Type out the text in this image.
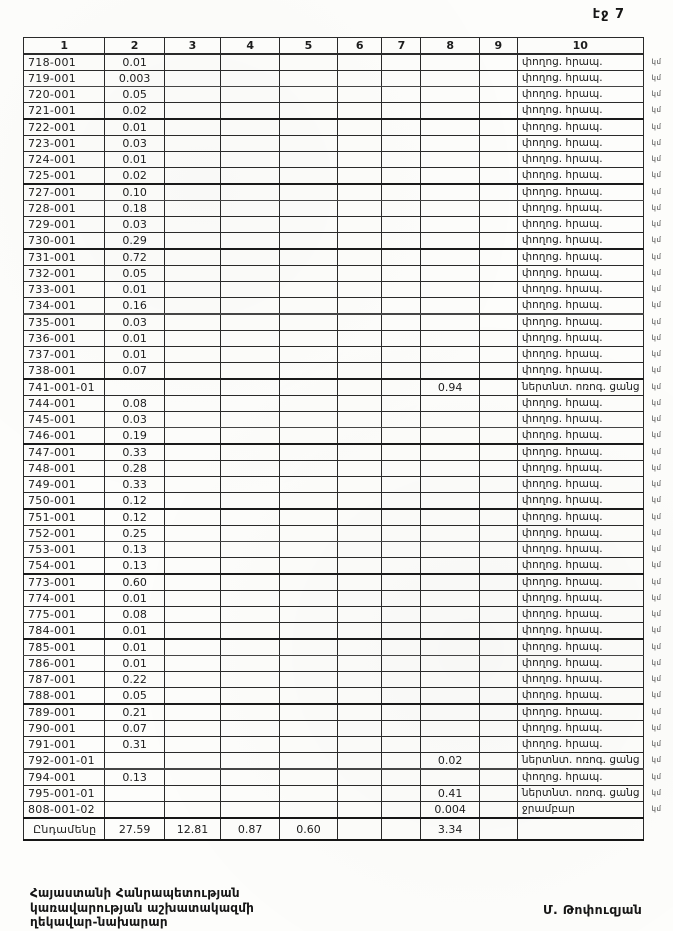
էջ 7
1	2	3	4	5	6	7	8	9	10	
718-001	0.01								փողոց. հրապ.	կմ
719-001	0.003								փողոց. հրապ.	կմ
720-001	0.05								փողոց. հրապ.	կմ
721-001	0.02								փողոց. հրապ.	կմ
722-001	0.01								փողոց. հրապ.	կմ
723-001	0.03								փողոց. հրապ.	կմ
724-001	0.01								փողոց. հրապ.	կմ
725-001	0.02								փողոց. հրապ.	կմ
727-001	0.10								փողոց. հրապ.	կմ
728-001	0.18								փողոց. հրապ.	կմ
729-001	0.03								փողոց. հրապ.	կմ
730-001	0.29								փողոց. հրապ.	կմ
731-001	0.72								փողոց. հրապ.	կմ
732-001	0.05								փողոց. հրապ.	կմ
733-001	0.01								փողոց. հրապ.	կմ
734-001	0.16								փողոց. հրապ.	կմ
735-001	0.03								փողոց. հրապ.	կմ
736-001	0.01								փողոց. հրապ.	կմ
737-001	0.01								փողոց. հրապ.	կմ
738-001	0.07								փողոց. հրապ.	կմ
741-001-01							0.94		ներտնտ. ոռոգ. ցանց	կմ
744-001	0.08								փողոց. հրապ.	կմ
745-001	0.03								փողոց. հրապ.	կմ
746-001	0.19								փողոց. հրապ.	կմ
747-001	0.33								փողոց. հրապ.	կմ
748-001	0.28								փողոց. հրապ.	կմ
749-001	0.33								փողոց. հրապ.	կմ
750-001	0.12								փողոց. հրապ.	կմ
751-001	0.12								փողոց. հրապ.	կմ
752-001	0.25								փողոց. հրապ.	կմ
753-001	0.13								փողոց. հրապ.	կմ
754-001	0.13								փողոց. հրապ.	կմ
773-001	0.60								փողոց. հրապ.	կմ
774-001	0.01								փողոց. հրապ.	կմ
775-001	0.08								փողոց. հրապ.	կմ
784-001	0.01								փողոց. հրապ.	կմ
785-001	0.01								փողոց. հրապ.	կմ
786-001	0.01								փողոց. հրապ.	կմ
787-001	0.22								փողոց. հրապ.	կմ
788-001	0.05								փողոց. հրապ.	կմ
789-001	0.21								փողոց. հրապ.	կմ
790-001	0.07								փողոց. հրապ.	կմ
791-001	0.31								փողոց. հրապ.	կմ
792-001-01							0.02		ներտնտ. ոռոգ. ցանց	կմ
794-001	0.13								փողոց. հրապ.	կմ
795-001-01							0.41		ներտնտ. ոռոգ. ցանց	կմ
808-001-02							0.004		ջրամբար	կմ
Ընդամենը	27.59	12.81	0.87	0.60			3.34			
Հայաստանի Հանրապետության
կառավարության աշխատակազմի
ղեկավար-նախարար
Մ. Թոփուզյան
